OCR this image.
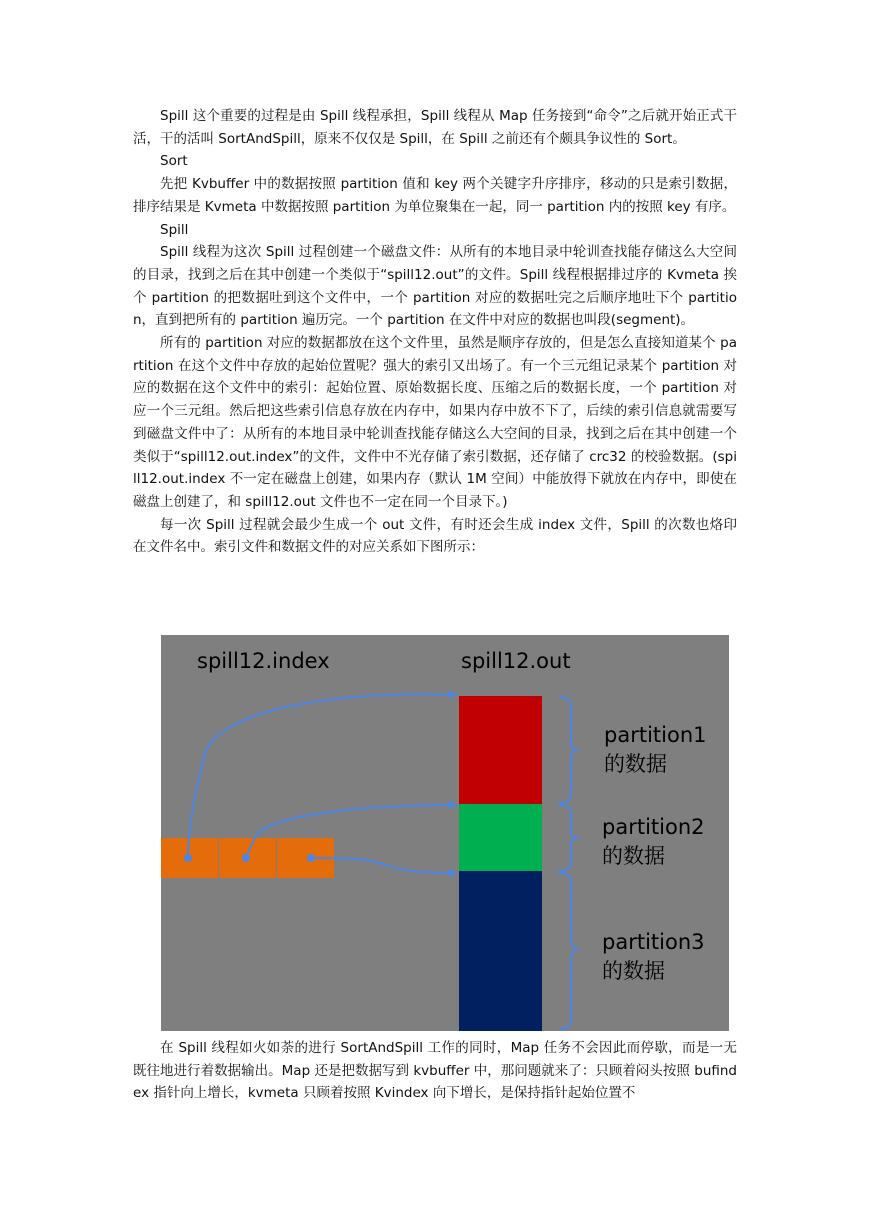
Spill 这个重要的过程是由 Spill 线程承担，Spill 线程从 Map 任务接到“命令”之后就开始正式干活，干的活叫 SortAndSpill，原来不仅仅是 Spill，在 Spill 之前还有个颇具争议性的 Sort。

Sort

先把 Kvbuffer 中的数据按照 partition 值和 key 两个关键字升序排序，移动的只是索引数据，排序结果是 Kvmeta 中数据按照 partition 为单位聚集在一起，同一 partition 内的按照 key 有序。

Spill

Spill 线程为这次 Spill 过程创建一个磁盘文件：从所有的本地目录中轮训查找能存储这么大空间的目录，找到之后在其中创建一个类似于“spill12.out”的文件。Spill 线程根据排过序的 Kvmeta 挨个 partition 的把数据吐到这个文件中，一个 partition 对应的数据吐完之后顺序地吐下个 partition，直到把所有的 partition 遍历完。一个 partition 在文件中对应的数据也叫段(segment)。

所有的 partition 对应的数据都放在这个文件里，虽然是顺序存放的，但是怎么直接知道某个 partition 在这个文件中存放的起始位置呢？强大的索引又出场了。有一个三元组记录某个 partition 对应的数据在这个文件中的索引：起始位置、原始数据长度、压缩之后的数据长度，一个 partition 对应一个三元组。然后把这些索引信息存放在内存中，如果内存中放不下了，后续的索引信息就需要写到磁盘文件中了：从所有的本地目录中轮训查找能存储这么大空间的目录，找到之后在其中创建一个类似于“spill12.out.index”的文件，文件中不光存储了索引数据，还存储了 crc32 的校验数据。(spill12.out.index 不一定在磁盘上创建，如果内存（默认 1M 空间）中能放得下就放在内存中，即使在磁盘上创建了，和 spill12.out 文件也不一定在同一个目录下。)

每一次 Spill 过程就会最少生成一个 out 文件，有时还会生成 index 文件，Spill 的次数也烙印在文件名中。索引文件和数据文件的对应关系如下图所示：

spill12.index	spill12.out
partition1
的数据
partition2
的数据
partition3
的数据

在 Spill 线程如火如荼的进行 SortAndSpill 工作的同时，Map 任务不会因此而停歇，而是一无既往地进行着数据输出。Map 还是把数据写到 kvbuffer 中，那问题就来了：只顾着闷头按照 bufindex 指针向上增长，kvmeta 只顾着按照 Kvindex 向下增长，是保持指针起始位置不
